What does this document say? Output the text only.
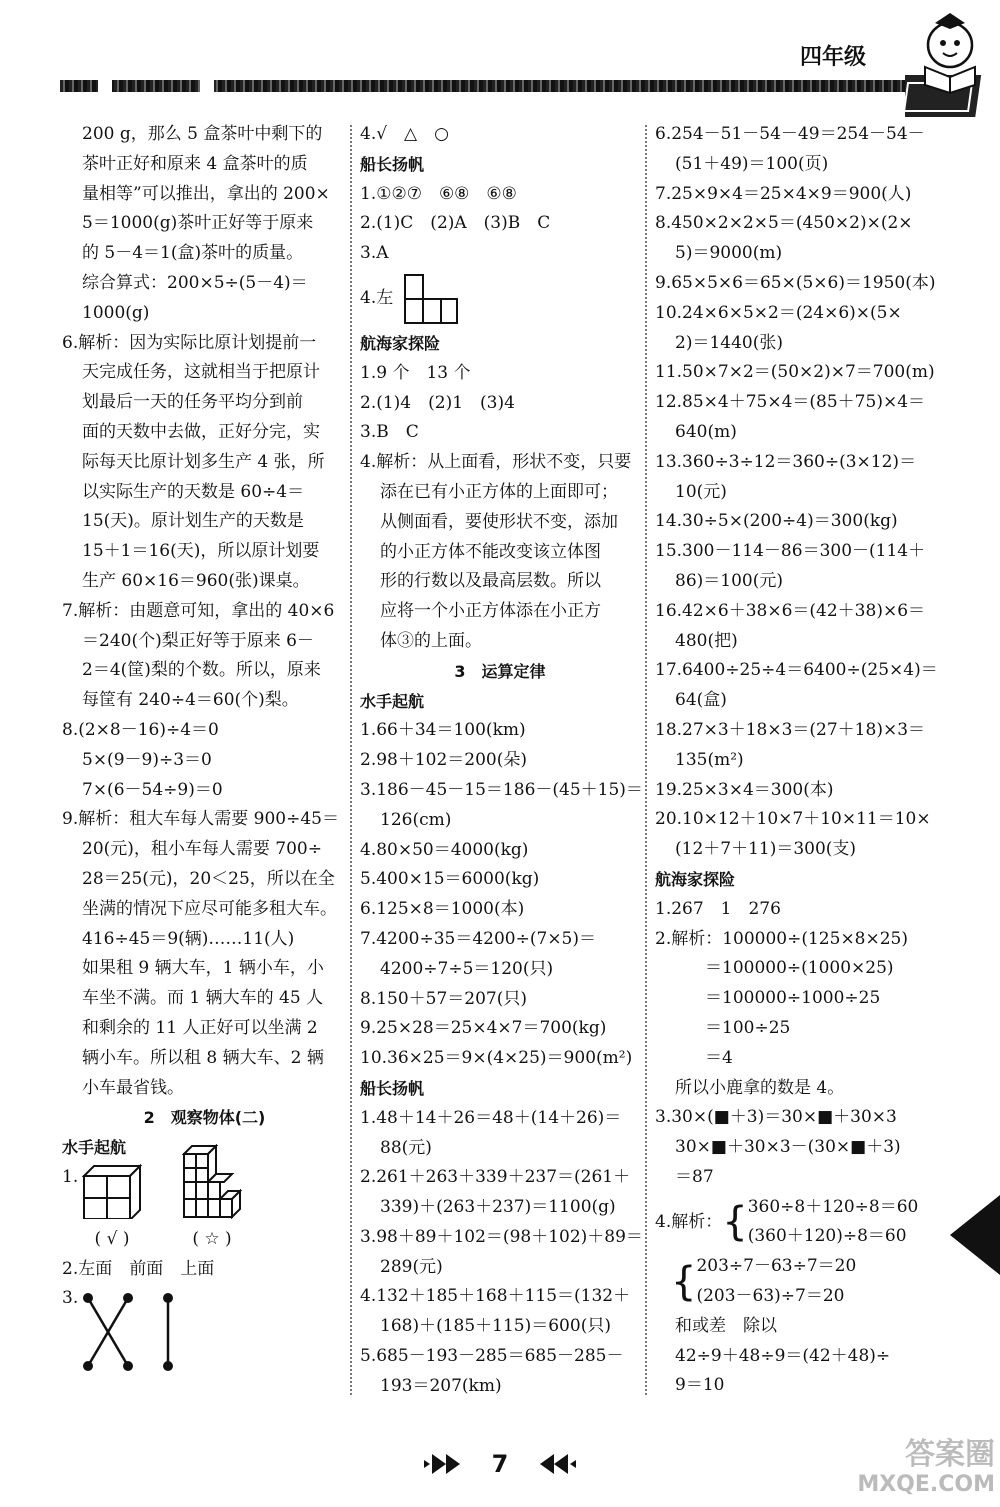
四年级
200 g，那么 5 盒茶叶中剩下的
茶叶正好和原来 4 盒茶叶的质
量相等”可以推出，拿出的 200×
5＝1000(g)茶叶正好等于原来
的 5－4＝1(盒)茶叶的质量。
综合算式：200×5÷(5－4)＝
1000(g)
6.解析：因为实际比原计划提前一
天完成任务，这就相当于把原计
划最后一天的任务平均分到前
面的天数中去做，正好分完，实
际每天比原计划多生产 4 张，所
以实际生产的天数是 60÷4＝
15(天)。原计划生产的天数是
15＋1＝16(天)，所以原计划要
生产 60×16＝960(张)课桌。
7.解析：由题意可知，拿出的 40×6
＝240(个)梨正好等于原来 6－
2＝4(筐)梨的个数。所以，原来
每筐有 240÷4＝60(个)梨。
8.(2×8－16)÷4＝0
5×(9－9)÷3＝0
7×(6－54÷9)＝0
9.解析：租大车每人需要 900÷45＝
20(元)，租小车每人需要 700÷
28＝25(元)，20＜25，所以在全
坐满的情况下应尽可能多租大车。
416÷45＝9(辆)……11(人)
如果租 9 辆大车，1 辆小车，小
车坐不满。而 1 辆大车的 45 人
和剩余的 11 人正好可以坐满 2
辆小车。所以租 8 辆大车、2 辆
小车最省钱。
2　观察物体(二)
水手起航
1.
( √ )	( ☆ )
2.左面　前面　上面
3.
4.√　△　○
船长扬帆
1.①②⑦　⑥⑧　⑥⑧
2.(1)C　(2)A　(3)B　C
3.A
4.左
航海家探险
1.9 个　13 个
2.(1)4　(2)1　(3)4
3.B　C
4.解析：从上面看，形状不变，只要
添在已有小正方体的上面即可；
从侧面看，要使形状不变，添加
的小正方体不能改变该立体图
形的行数以及最高层数。所以
应将一个小正方体添在小正方
体③的上面。
3　运算定律
水手起航
1.66＋34＝100(km)
2.98＋102＝200(朵)
3.186－45－15＝186－(45＋15)＝
126(cm)
4.80×50＝4000(kg)
5.400×15＝6000(kg)
6.125×8＝1000(本)
7.4200÷35＝4200÷(7×5)＝
4200÷7÷5＝120(只)
8.150＋57＝207(只)
9.25×28＝25×4×7＝700(kg)
10.36×25＝9×(4×25)＝900(m²)
船长扬帆
1.48＋14＋26＝48＋(14＋26)＝
88(元)
2.261＋263＋339＋237＝(261＋
339)＋(263＋237)＝1100(g)
3.98＋89＋102＝(98＋102)＋89＝
289(元)
4.132＋185＋168＋115＝(132＋
168)＋(185＋115)＝600(只)
5.685－193－285＝685－285－
193＝207(km)
6.254－51－54－49＝254－54－
(51＋49)＝100(页)
7.25×9×4＝25×4×9＝900(人)
8.450×2×2×5＝(450×2)×(2×
5)＝9000(m)
9.65×5×6＝65×(5×6)＝1950(本)
10.24×6×5×2＝(24×6)×(5×
2)＝1440(张)
11.50×7×2＝(50×2)×7＝700(m)
12.85×4＋75×4＝(85＋75)×4＝
640(m)
13.360÷3÷12＝360÷(3×12)＝
10(元)
14.30÷5×(200÷4)＝300(kg)
15.300－114－86＝300－(114＋
86)＝100(元)
16.42×6＋38×6＝(42＋38)×6＝
480(把)
17.6400÷25÷4＝6400÷(25×4)＝
64(盒)
18.27×3＋18×3＝(27＋18)×3＝
135(m²)
19.25×3×4＝300(本)
20.10×12＋10×7＋10×11＝10×
(12＋7＋11)＝300(支)
航海家探险
1.267　1　276
2.解析：100000÷(125×8×25)
＝100000÷(1000×25)
＝100000÷1000÷25
＝100÷25
＝4
所以小鹿拿的数是 4。
3.30×(■＋3)＝30×■＋30×3
30×■＋30×3－(30×■＋3)
＝87
4.解析： { 360÷8＋120÷8＝60
(360＋120)÷8＝60
{ 203÷7－63÷7＝20
(203－63)÷7＝20
和或差　除以
42÷9＋48÷9＝(42＋48)÷
9＝10
7	答案圈
MXQE.COM
